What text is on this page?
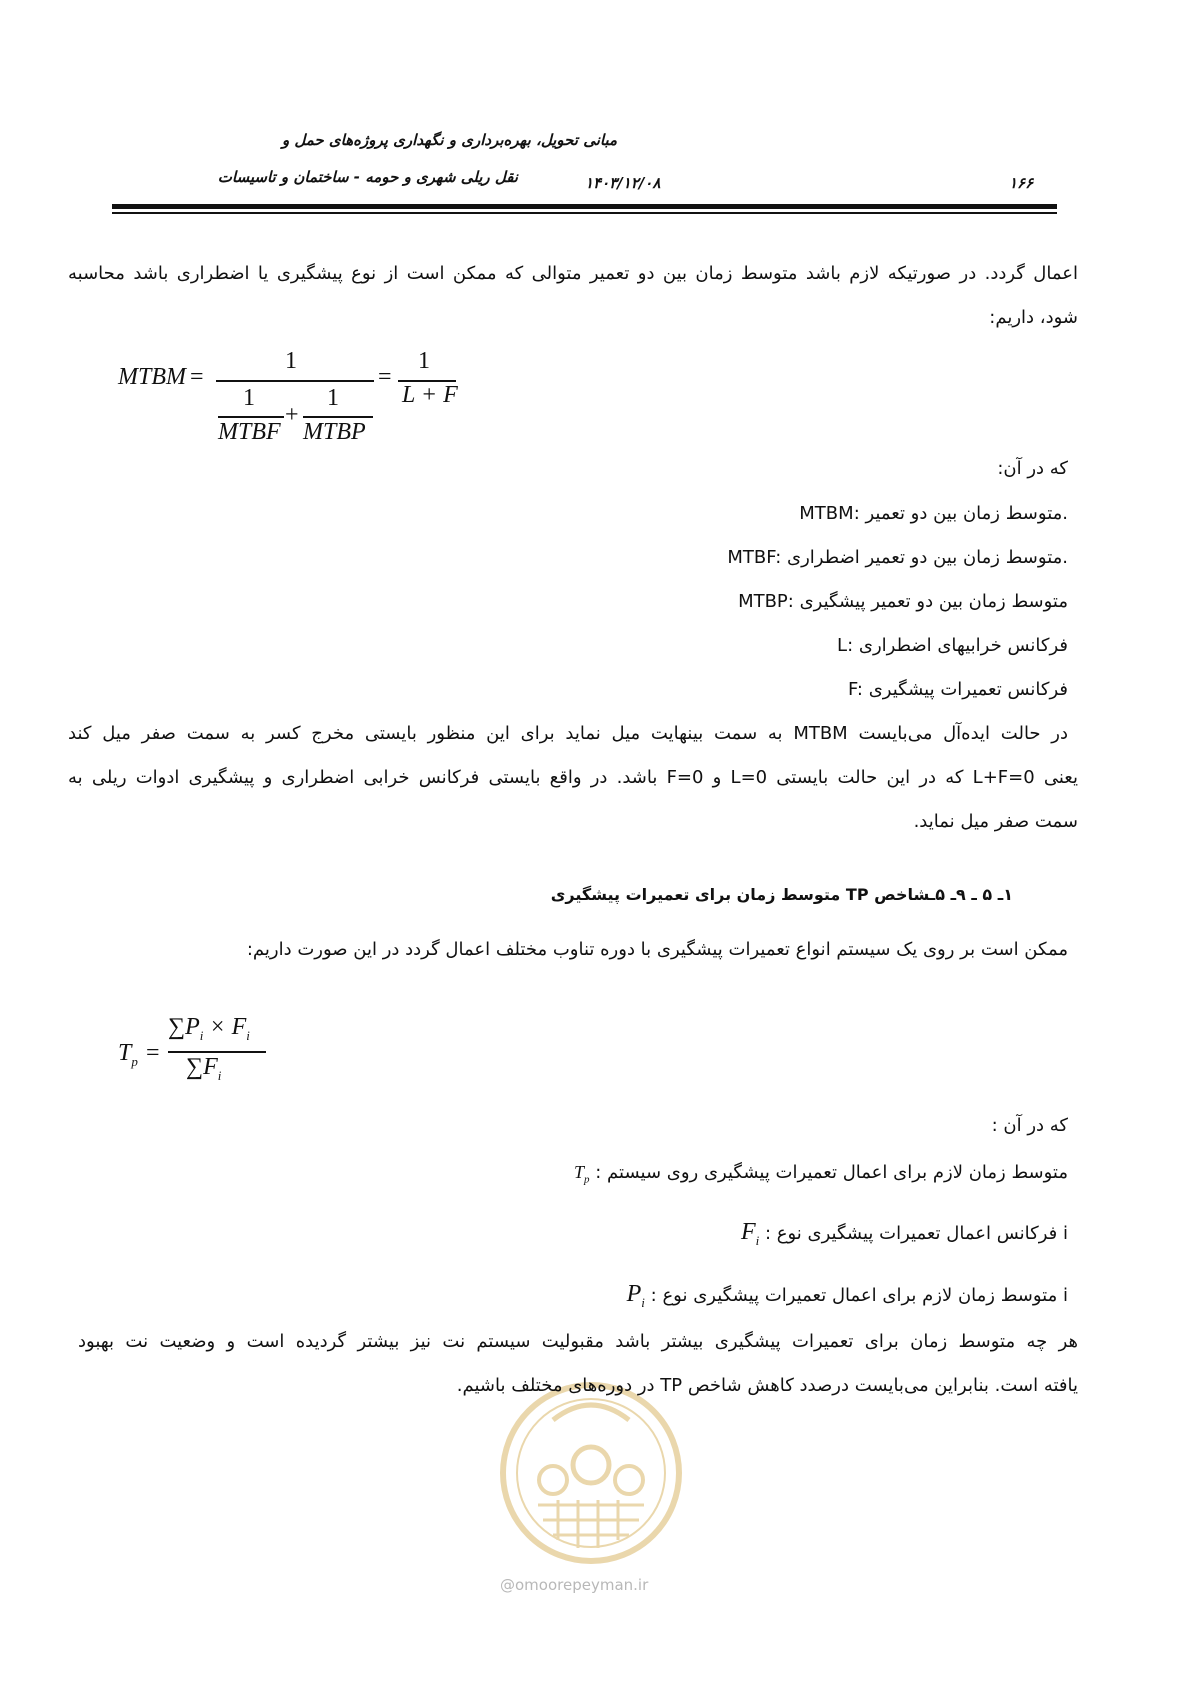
مبانی تحویل، بهره‌برداری و نگهداری پروژه‌های حمل و
نقل ریلی شهری و حومه - ساختمان و تاسیسات	۱۴۰۳/۱۲/۰۸	۱۶۶
اعمال گردد. در صورتیکه لازم باشد متوسط زمان بین دو تعمیر متوالی که ممکن است از نوع پیشگیری یا اضطراری باشد محاسبه
شود، داریم:
MTBM =
1
1
MTBF
+
1
MTBP
=
1
L + F
که در آن:
MTBM: متوسط زمان بین دو تعمیر.
MTBF: متوسط زمان بین دو تعمیر اضطراری.
MTBP: متوسط زمان بین دو تعمیر پیشگیری
L: فرکانس خرابیهای اضطراری
F: فرکانس تعمیرات پیشگیری
در حالت ایده‌آل می‌بایست MTBM به سمت بینهایت میل نماید برای این منظور بایستی مخرج کسر به سمت صفر میل کند
یعنی L+F=0 که در این حالت بایستی L=0 و F=0 باشد. در واقع بایستی فرکانس خرابی اضطراری و پیشگیری ادوات ریلی به
سمت صفر میل نماید.
۱ـ ۵ ـ ۹ـ ۵ـشاخص TP متوسط زمان برای تعمیرات پیشگیری
ممکن است بر روی یک سیستم انواع تعمیرات پیشگیری با دوره تناوب مختلف اعمال گردد در این صورت داریم:
$T_p$ =
$\sum P_i \times F_i$
$\sum F_i$
که در آن :
$T_p$ : متوسط زمان لازم برای اعمال تعمیرات پیشگیری روی سیستم
$F_i$ : فرکانس اعمال تعمیرات پیشگیری نوع i
$P_i$ : متوسط زمان لازم برای اعمال تعمیرات پیشگیری نوع i
@omoorepeyman.ir
هر چه متوسط زمان برای تعمیرات پیشگیری بیشتر باشد مقبولیت سیستم نت نیز بیشتر گردیده است و وضعیت نت بهبود
یافته است. بنابراین می‌بایست درصدد کاهش شاخص TP در دوره‌های مختلف باشیم.
